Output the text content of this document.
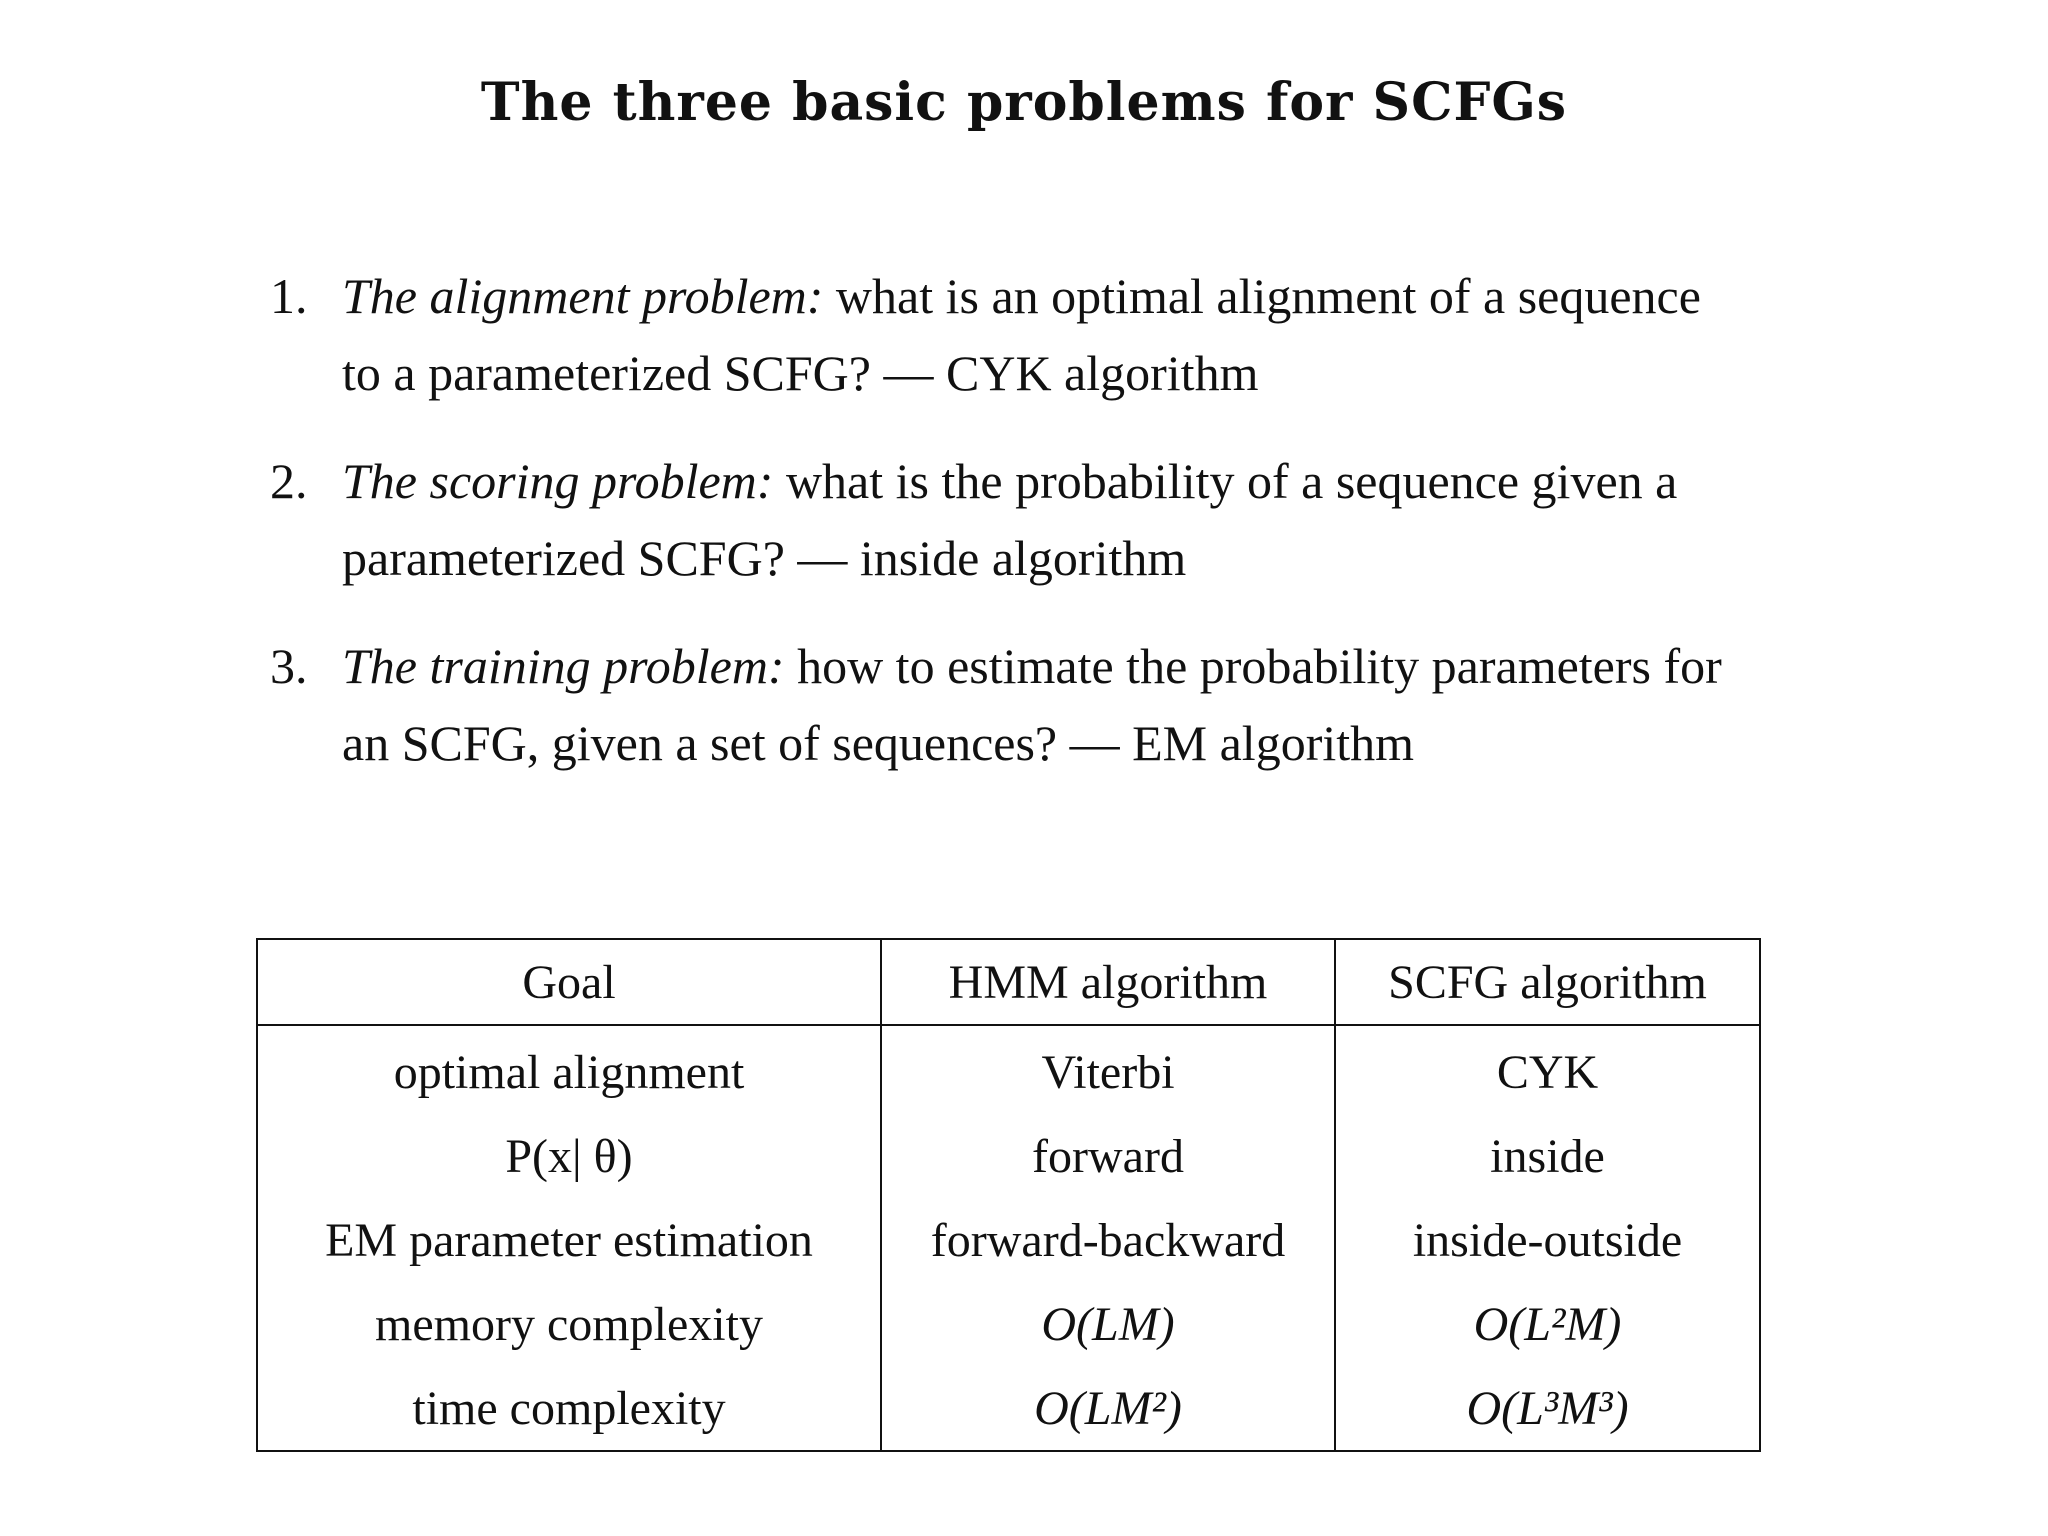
The three basic problems for SCFGs
1. The alignment problem: what is an optimal alignment of a sequence to a parameterized SCFG? — CYK algorithm
2. The scoring problem: what is the probability of a sequence given a parameterized SCFG? — inside algorithm
3. The training problem: how to estimate the probability parameters for an SCFG, given a set of sequences? — EM algorithm
Goal	HMM algorithm	SCFG algorithm
optimal alignment	Viterbi	CYK
P(x| θ)	forward	inside
EM parameter estimation	forward-backward	inside-outside
memory complexity	O(LM)	O(L²M)
time complexity	O(LM²)	O(L³M³)
